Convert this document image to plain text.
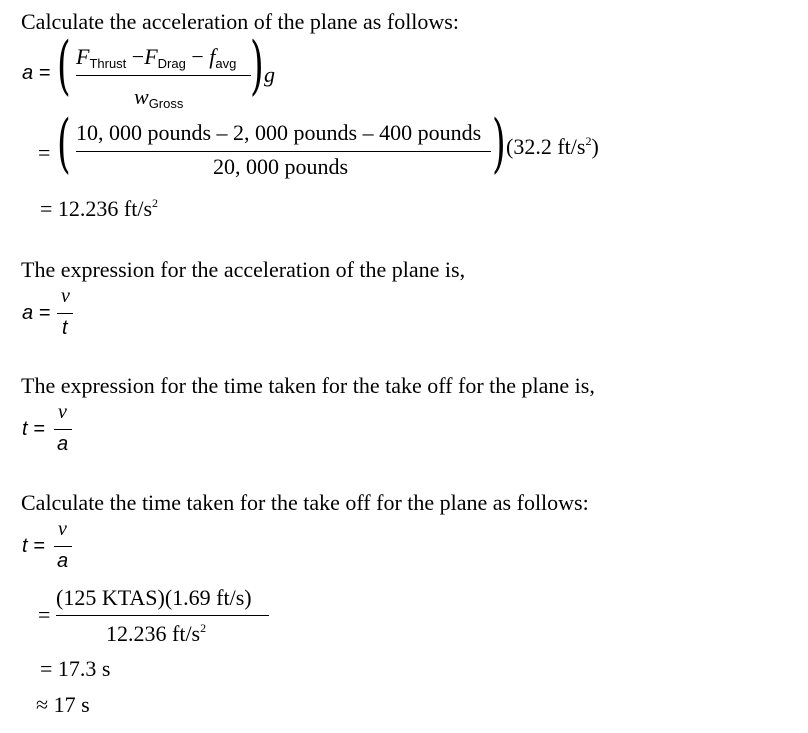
Calculate the acceleration of the plane as follows:
a = ( $F_{Thrust} -F_{Drag} - f_{avg}$
$w_{Gross}$
) g
= ( 10, 000 pounds – 2, 000 pounds – 400 pounds
20, 000 pounds ) (32.2 $ft/s^2$)
= 12.236 $ft/s^2$
The expression for the acceleration of the plane is,
a =
v
t
The expression for the time taken for the take off for the plane is,
t =
v
a
Calculate the time taken for the take off for the plane as follows:
t =
v
a
=
(125 KTAS)(1.69 ft/s)
12.236 $ft/s^2$
= 17.3 s
≈ 17 s
